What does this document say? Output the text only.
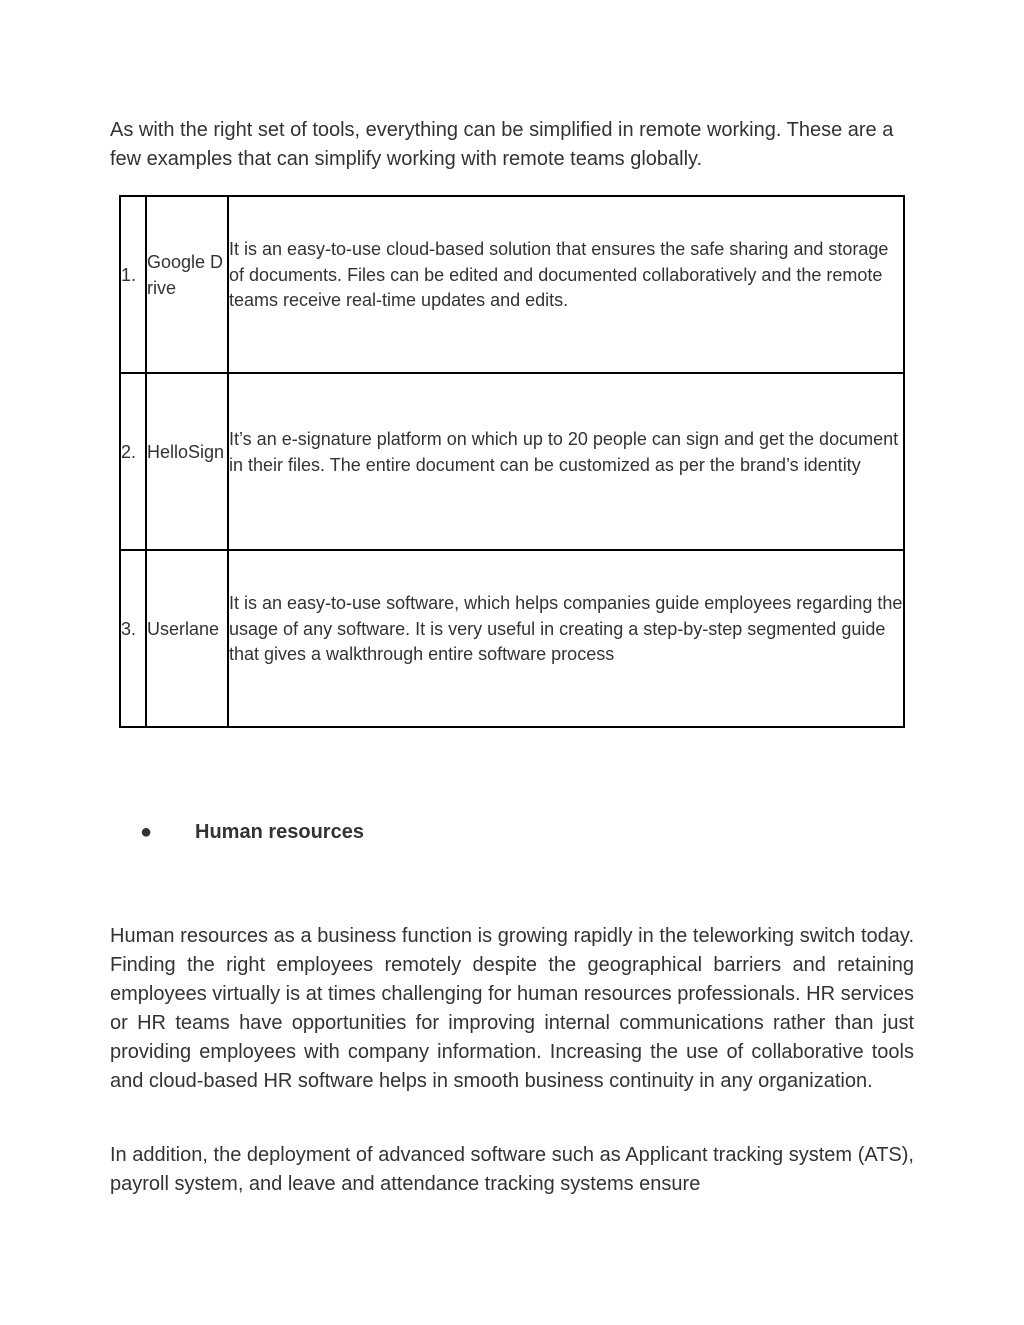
As with the right set of tools, everything can be simplified in remote working. These are a few examples that can simplify working with remote teams globally.

1.	Google Drive	It is an easy-to-use cloud-based solution that ensures the safe sharing and storage of documents. Files can be edited and documented collaboratively and the remote teams receive real-time updates and edits.

2.	HelloSign	It’s an e-signature platform on which up to 20 people can sign and get the document in their files. The entire document can be customized as per the brand’s identity

3.	Userlane	It is an easy-to-use software, which helps companies guide employees regarding the usage of any software. It is very useful in creating a step-by-step segmented guide that gives a walkthrough entire software process
● Human resources

Human resources as a business function is growing rapidly in the teleworking switch today. Finding the right employees remotely despite the geographical barriers and retaining employees virtually is at times challenging for human resources professionals. HR services or HR teams have opportunities for improving internal communications rather than just providing employees with company information. Increasing the use of collaborative tools and cloud-based HR software helps in smooth business continuity in any organization.

In addition, the deployment of advanced software such as Applicant tracking system (ATS), payroll system, and leave and attendance tracking systems ensure
